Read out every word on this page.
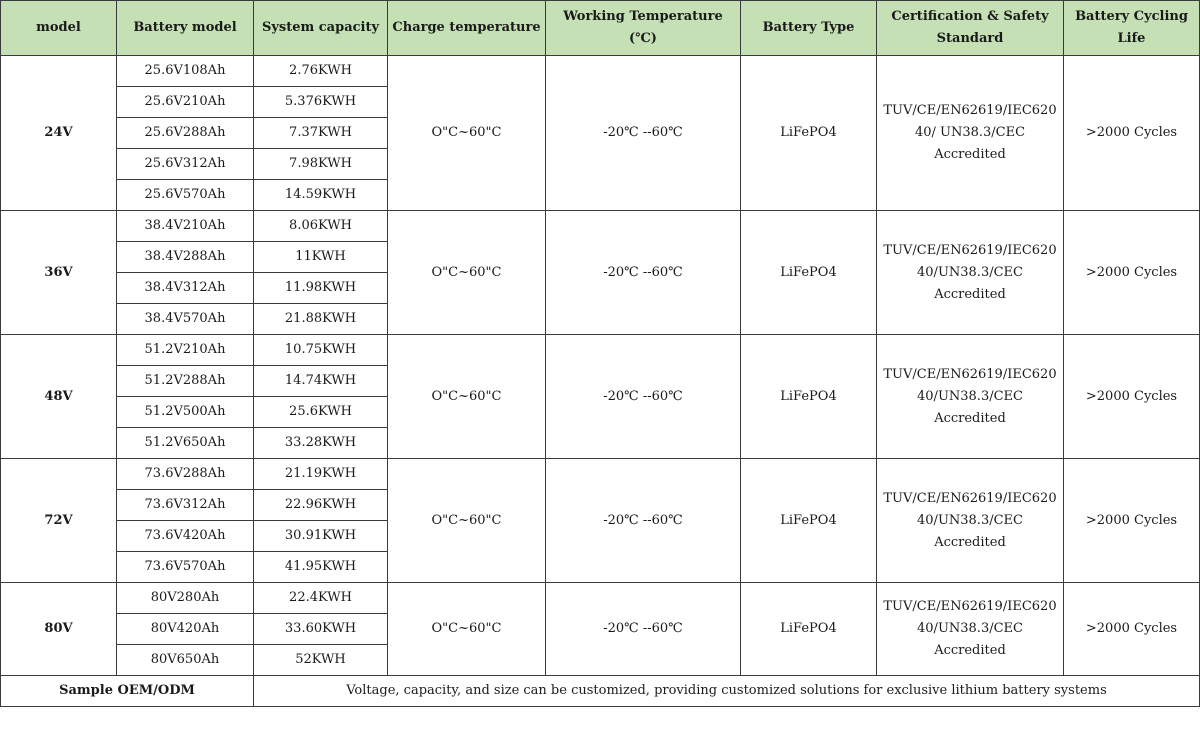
model	Battery model	System capacity	Charge temperature	Working Temperature (℃)	Battery Type	Certification & Safety Standard	Battery Cycling Life
24V	25.6V108Ah	2.76KWH	O"C~60"C	-20℃ --60℃	LiFePO4	TUV/CE/EN62619/IEC620 40/ UN38.3/CEC Accredited	>2000 Cycles
	25.6V210Ah	5.376KWH					
	25.6V288Ah	7.37KWH					
	25.6V312Ah	7.98KWH					
	25.6V570Ah	14.59KWH					
36V	38.4V210Ah	8.06KWH	O"C~60"C	-20℃ --60℃	LiFePO4	TUV/CE/EN62619/IEC620 40/UN38.3/CEC Accredited	>2000 Cycles
	38.4V288Ah	11KWH					
	38.4V312Ah	11.98KWH					
	38.4V570Ah	21.88KWH					
48V	51.2V210Ah	10.75KWH	O"C~60"C	-20℃ --60℃	LiFePO4	TUV/CE/EN62619/IEC620 40/UN38.3/CEC Accredited	>2000 Cycles
	51.2V288Ah	14.74KWH					
	51.2V500Ah	25.6KWH					
	51.2V650Ah	33.28KWH					
72V	73.6V288Ah	21.19KWH	O"C~60"C	-20℃ --60℃	LiFePO4	TUV/CE/EN62619/IEC620 40/UN38.3/CEC Accredited	>2000 Cycles
	73.6V312Ah	22.96KWH					
	73.6V420Ah	30.91KWH					
	73.6V570Ah	41.95KWH					
80V	80V280Ah	22.4KWH	O"C~60"C	-20℃ --60℃	LiFePO4	TUV/CE/EN62619/IEC620 40/UN38.3/CEC Accredited	>2000 Cycles
	80V420Ah	33.60KWH					
	80V650Ah	52KWH					
Sample OEM/ODM		Voltage, capacity, and size can be customized, providing customized solutions for exclusive lithium battery systems					
